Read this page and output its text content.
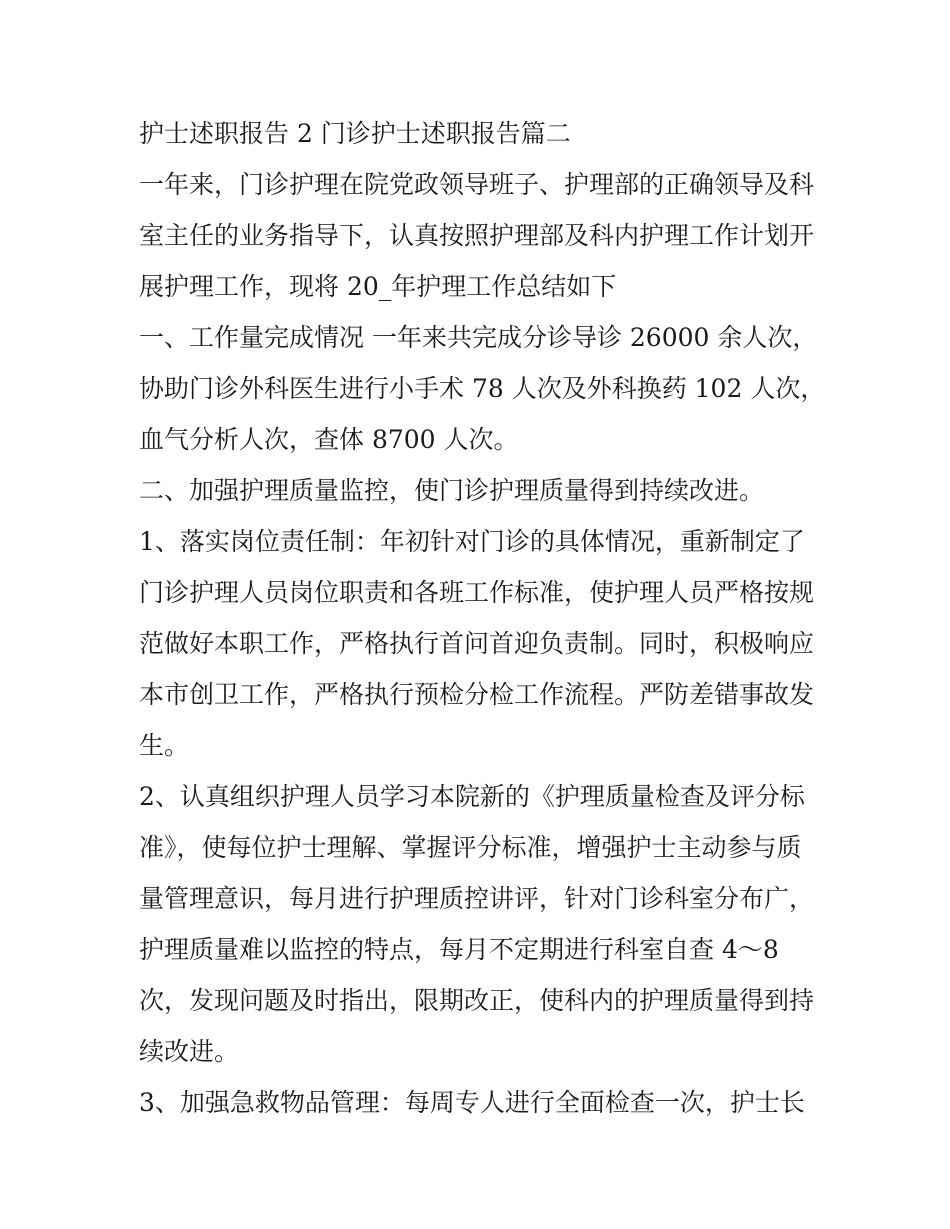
护士述职报告 2 门诊护士述职报告篇二
一年来，门诊护理在院党政领导班子、护理部的正确领导及科
室主任的业务指导下，认真按照护理部及科内护理工作计划开
展护理工作，现将 20_年护理工作总结如下
一、工作量完成情况 一年来共完成分诊导诊 26000 余人次，
协助门诊外科医生进行小手术 78 人次及外科换药 102 人次，
血气分析人次，查体 8700 人次。
二、加强护理质量监控，使门诊护理质量得到持续改进。
1、落实岗位责任制：年初针对门诊的具体情况，重新制定了
门诊护理人员岗位职责和各班工作标准，使护理人员严格按规
范做好本职工作，严格执行首问首迎负责制。同时，积极响应
本市创卫工作，严格执行预检分检工作流程。严防差错事故发
生。
2、认真组织护理人员学习本院新的《护理质量检查及评分标
准》，使每位护士理解、掌握评分标准，增强护士主动参与质
量管理意识，每月进行护理质控讲评，针对门诊科室分布广，
护理质量难以监控的特点，每月不定期进行科室自查 4～8
次，发现问题及时指出，限期改正，使科内的护理质量得到持
续改进。
3、加强急救物品管理：每周专人进行全面检查一次，护士长
